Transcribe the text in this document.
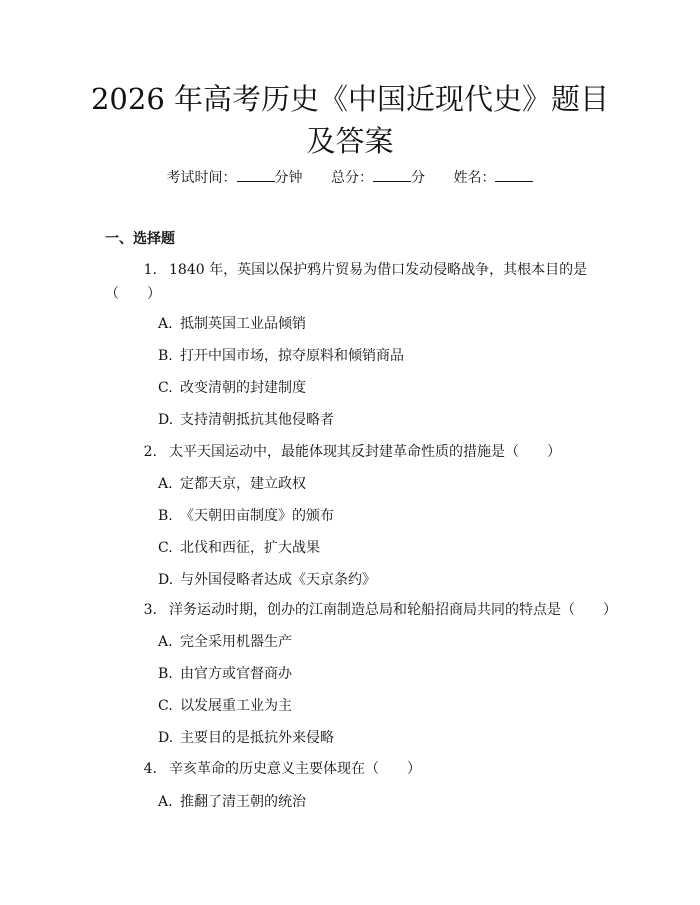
2026 年高考历史《中国近现代史》题目及答案
考试时间：	分钟 总分：	分 姓名：
一、选择题
1. 1840 年，英国以保护鸦片贸易为借口发动侵略战争，其根本目的是（　　）
A. 抵制英国工业品倾销
B. 打开中国市场，掠夺原料和倾销商品
C. 改变清朝的封建制度
D. 支持清朝抵抗其他侵略者
2. 太平天国运动中，最能体现其反封建革命性质的措施是（　　）
A. 定都天京，建立政权
B. 《天朝田亩制度》的颁布
C. 北伐和西征，扩大战果
D. 与外国侵略者达成《天京条约》
3. 洋务运动时期，创办的江南制造总局和轮船招商局共同的特点是（　　）
A. 完全采用机器生产
B. 由官方或官督商办
C. 以发展重工业为主
D. 主要目的是抵抗外来侵略
4. 辛亥革命的历史意义主要体现在（　　）
A. 推翻了清王朝的统治
